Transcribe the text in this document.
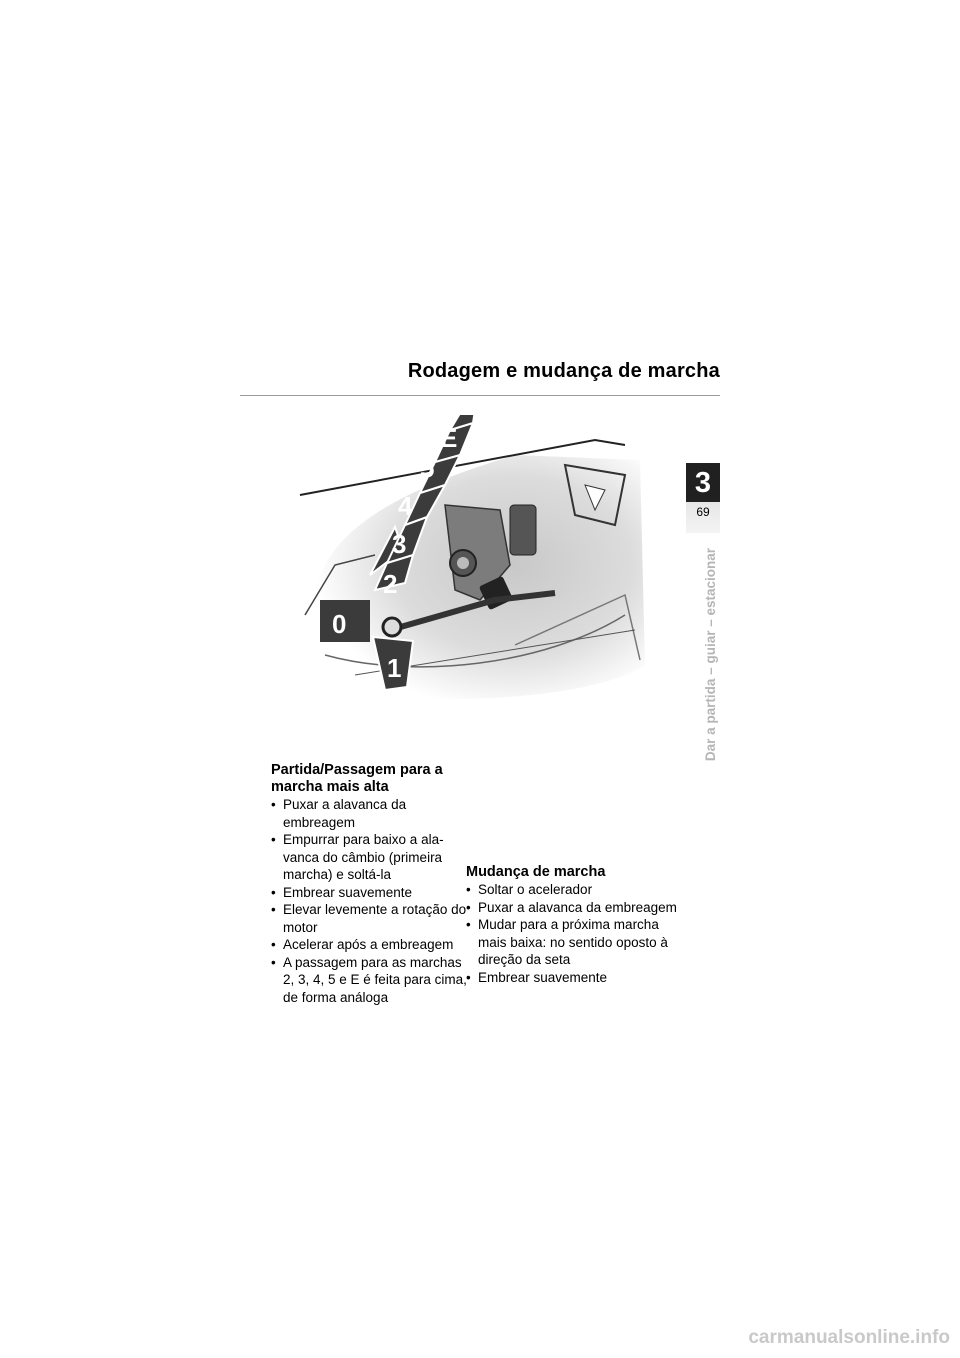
Rodagem e mudança de marcha
3
69
Dar a partida – guiar – estacionar
0
1
2
3
4
5
E
Partida/Passagem para a marcha mais alta
• Puxar a alavanca da embreagem
• Empurrar para baixo a ala- vanca do câmbio (primeira marcha) e soltá-la
• Embrear suavemente
• Elevar levemente a rotação do motor
• Acelerar após a embreagem
• A passagem para as marchas 2, 3, 4, 5 e E é feita para cima, de forma análoga
Mudança de marcha
• Soltar o acelerador
• Puxar a alavanca da embreagem
• Mudar para a próxima marcha mais baixa: no sentido oposto à direção da seta
• Embrear suavemente
carmanualsonline.info
